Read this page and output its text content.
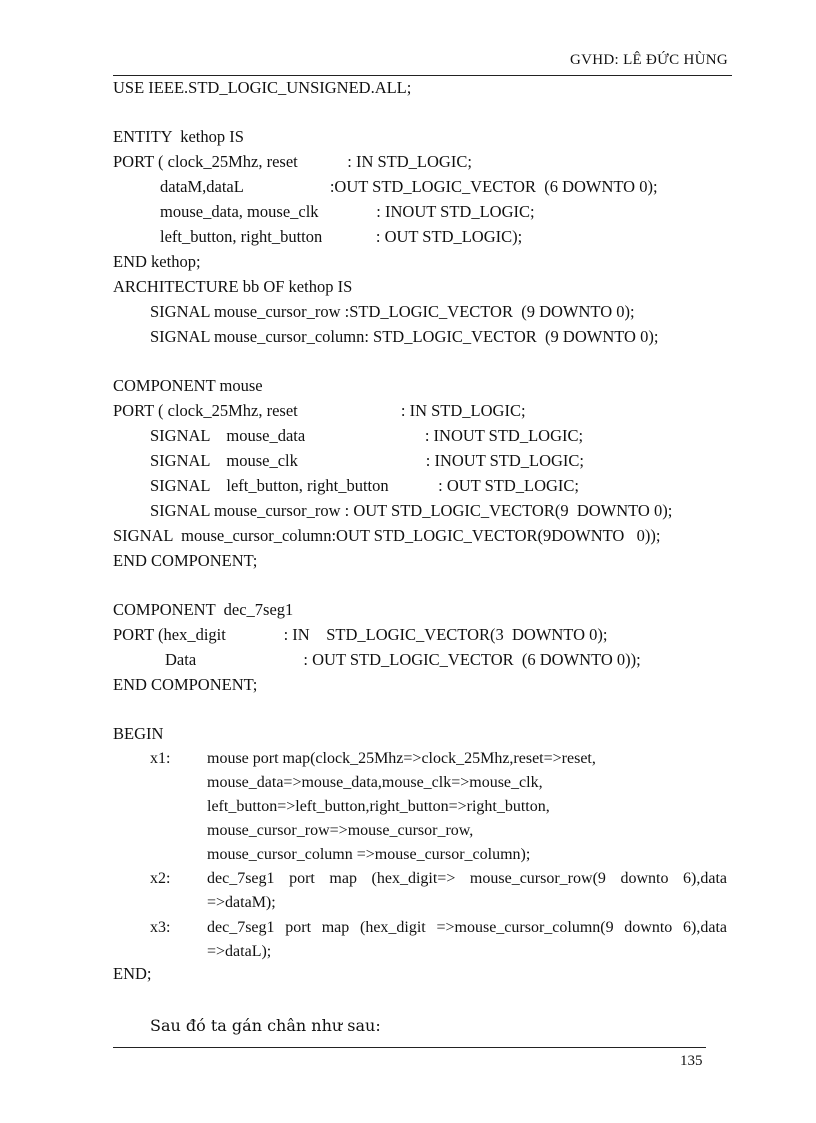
GVHD: LÊ ĐỨC HÙNG
USE IEEE.STD_LOGIC_UNSIGNED.ALL;
ENTITY  kethop IS
PORT ( clock_25Mhz, reset            : IN STD_LOGIC;
dataM,dataL                     :OUT STD_LOGIC_VECTOR  (6 DOWNTO 0);
mouse_data, mouse_clk              : INOUT STD_LOGIC;
left_button, right_button             : OUT STD_LOGIC);
END kethop;
ARCHITECTURE bb OF kethop IS
SIGNAL mouse_cursor_row :STD_LOGIC_VECTOR  (9 DOWNTO 0);
SIGNAL mouse_cursor_column: STD_LOGIC_VECTOR  (9 DOWNTO 0);
COMPONENT mouse
PORT ( clock_25Mhz, reset                         : IN STD_LOGIC;
SIGNAL    mouse_data                             : INOUT STD_LOGIC;
SIGNAL    mouse_clk                               : INOUT STD_LOGIC;
SIGNAL    left_button, right_button            : OUT STD_LOGIC;
SIGNAL mouse_cursor_row : OUT STD_LOGIC_VECTOR(9  DOWNTO 0);
SIGNAL  mouse_cursor_column:OUT STD_LOGIC_VECTOR(9DOWNTO   0));
END COMPONENT;
COMPONENT  dec_7seg1
PORT (hex_digit              : IN    STD_LOGIC_VECTOR(3  DOWNTO 0);
Data                          : OUT STD_LOGIC_VECTOR  (6 DOWNTO 0));
END COMPONENT;
BEGIN
x1: mouse port map(clock_25Mhz=>clock_25Mhz,reset=>reset,
mouse_data=>mouse_data,mouse_clk=>mouse_clk,
left_button=>left_button,right_button=>right_button,
mouse_cursor_row=>mouse_cursor_row,
mouse_cursor_column =>mouse_cursor_column);
x2: dec_7seg1 port map (hex_digit=> mouse_cursor_row(9 downto 6),data =>dataM);
x3: dec_7seg1 port map (hex_digit =>mouse_cursor_column(9 downto 6),data =>dataL);
END;
Sau đó ta gán chân như sau:
135
